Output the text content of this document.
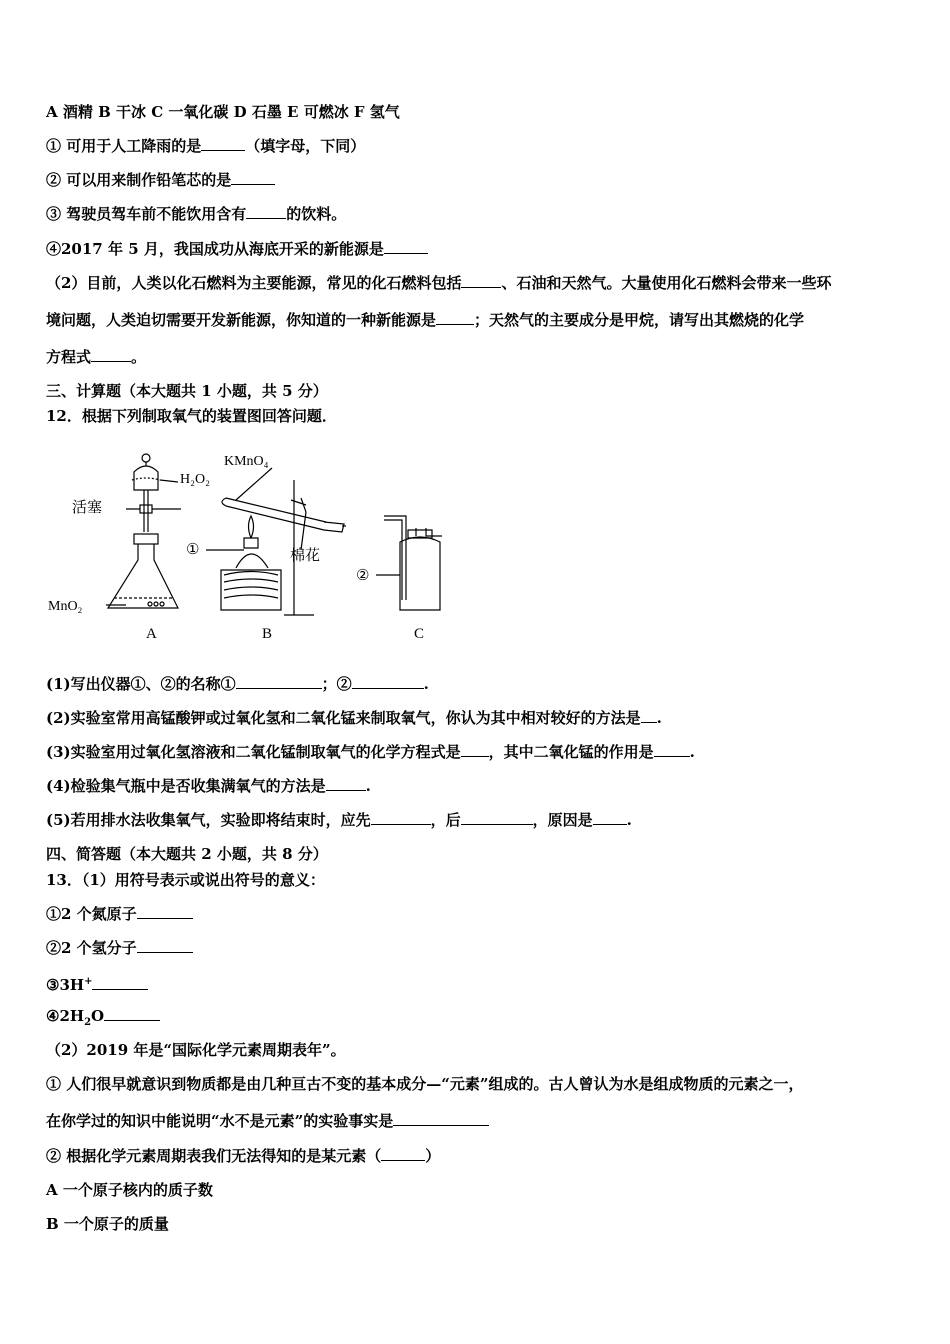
A 酒精 B 干冰 C 一氧化碳 D 石墨 E 可燃冰 F 氢气
① 可用于人工降雨的是	（填字母，下同）
② 可以用来制作铅笔芯的是
③ 驾驶员驾车前不能饮用含有	的饮料。
④2017 年 5 月，我国成功从海底开采的新能源是
（2）目前，人类以化石燃料为主要能源，常见的化石燃料包括	、石油和天然气。大量使用化石燃料会带来一些环
境问题，人类迫切需要开发新能源，你知道的一种新能源是	；天然气的主要成分是甲烷，请写出其燃烧的化学
方程式	。
三、计算题（本大题共 1 小题，共 5 分）
12．根据下列制取氧气的装置图回答问题．
H₂O₂
KMnO₄
活塞
MnO₂
棉花
①
②
A	B	C
(1)写出仪器①、②的名称①	；②	.
(2)实验室常用高锰酸钾或过氧化氢和二氧化锰来制取氧气，你认为其中相对较好的方法是 .
(3)实验室用过氧化氢溶液和二氧化锰制取氧气的化学方程式是 ，其中二氧化锰的作用是 .
(4)检验集气瓶中是否收集满氧气的方法是	.
(5)若用排水法收集氧气，实验即将结束时，应先	，后	，原因是 .
四、简答题（本大题共 2 小题，共 8 分）
13．（1）用符号表示或说出符号的意义：
①2 个氮原子
②2 个氢分子
③3H+
$④2H_2O$
（2）2019 年是“国际化学元素周期表年”。
① 人们很早就意识到物质都是由几种亘古不变的基本成分—“元素”组成的。古人曾认为水是组成物质的元素之一，
在你学过的知识中能说明“水不是元素”的实验事实是
② 根据化学元素周期表我们无法得知的是某元素（	）
A 一个原子核内的质子数
B 一个原子的质量
